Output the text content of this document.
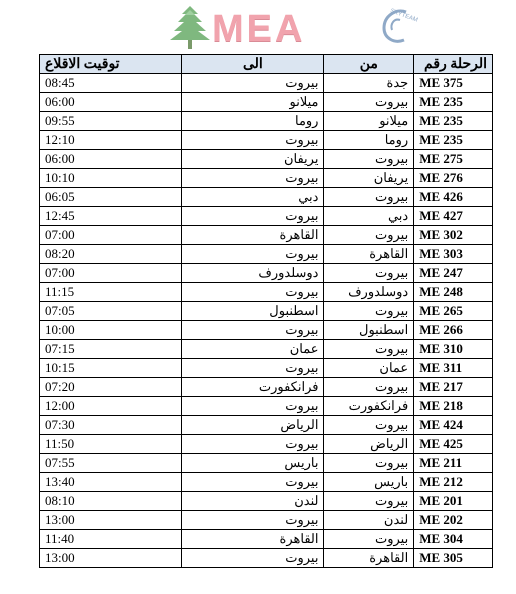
MEA	SKYTEAM
توقيت الاقلاع	الى	من	الرحلة رقم
08:45	بيروت	جدة	ME 375
06:00	ميلانو	بيروت	ME 235
09:55	روما	ميلانو	ME 235
12:10	بيروت	روما	ME 235
06:00	يريفان	بيروت	ME 275
10:10	بيروت	يريفان	ME 276
06:05	دبي	بيروت	ME 426
12:45	بيروت	دبي	ME 427
07:00	القاهرة	بيروت	ME 302
08:20	بيروت	القاهرة	ME 303
07:00	دوسلدورف	بيروت	ME 247
11:15	بيروت	دوسلدورف	ME 248
07:05	اسطنبول	بيروت	ME 265
10:00	بيروت	اسطنبول	ME 266
07:15	عمان	بيروت	ME 310
10:15	بيروت	عمان	ME 311
07:20	فرانكفورت	بيروت	ME 217
12:00	بيروت	فرانكفورت	ME 218
07:30	الرياض	بيروت	ME 424
11:50	بيروت	الرياض	ME 425
07:55	باريس	بيروت	ME 211
13:40	بيروت	باريس	ME 212
08:10	لندن	بيروت	ME 201
13:00	بيروت	لندن	ME 202
11:40	القاهرة	بيروت	ME 304
13:00	بيروت	القاهرة	ME 305
